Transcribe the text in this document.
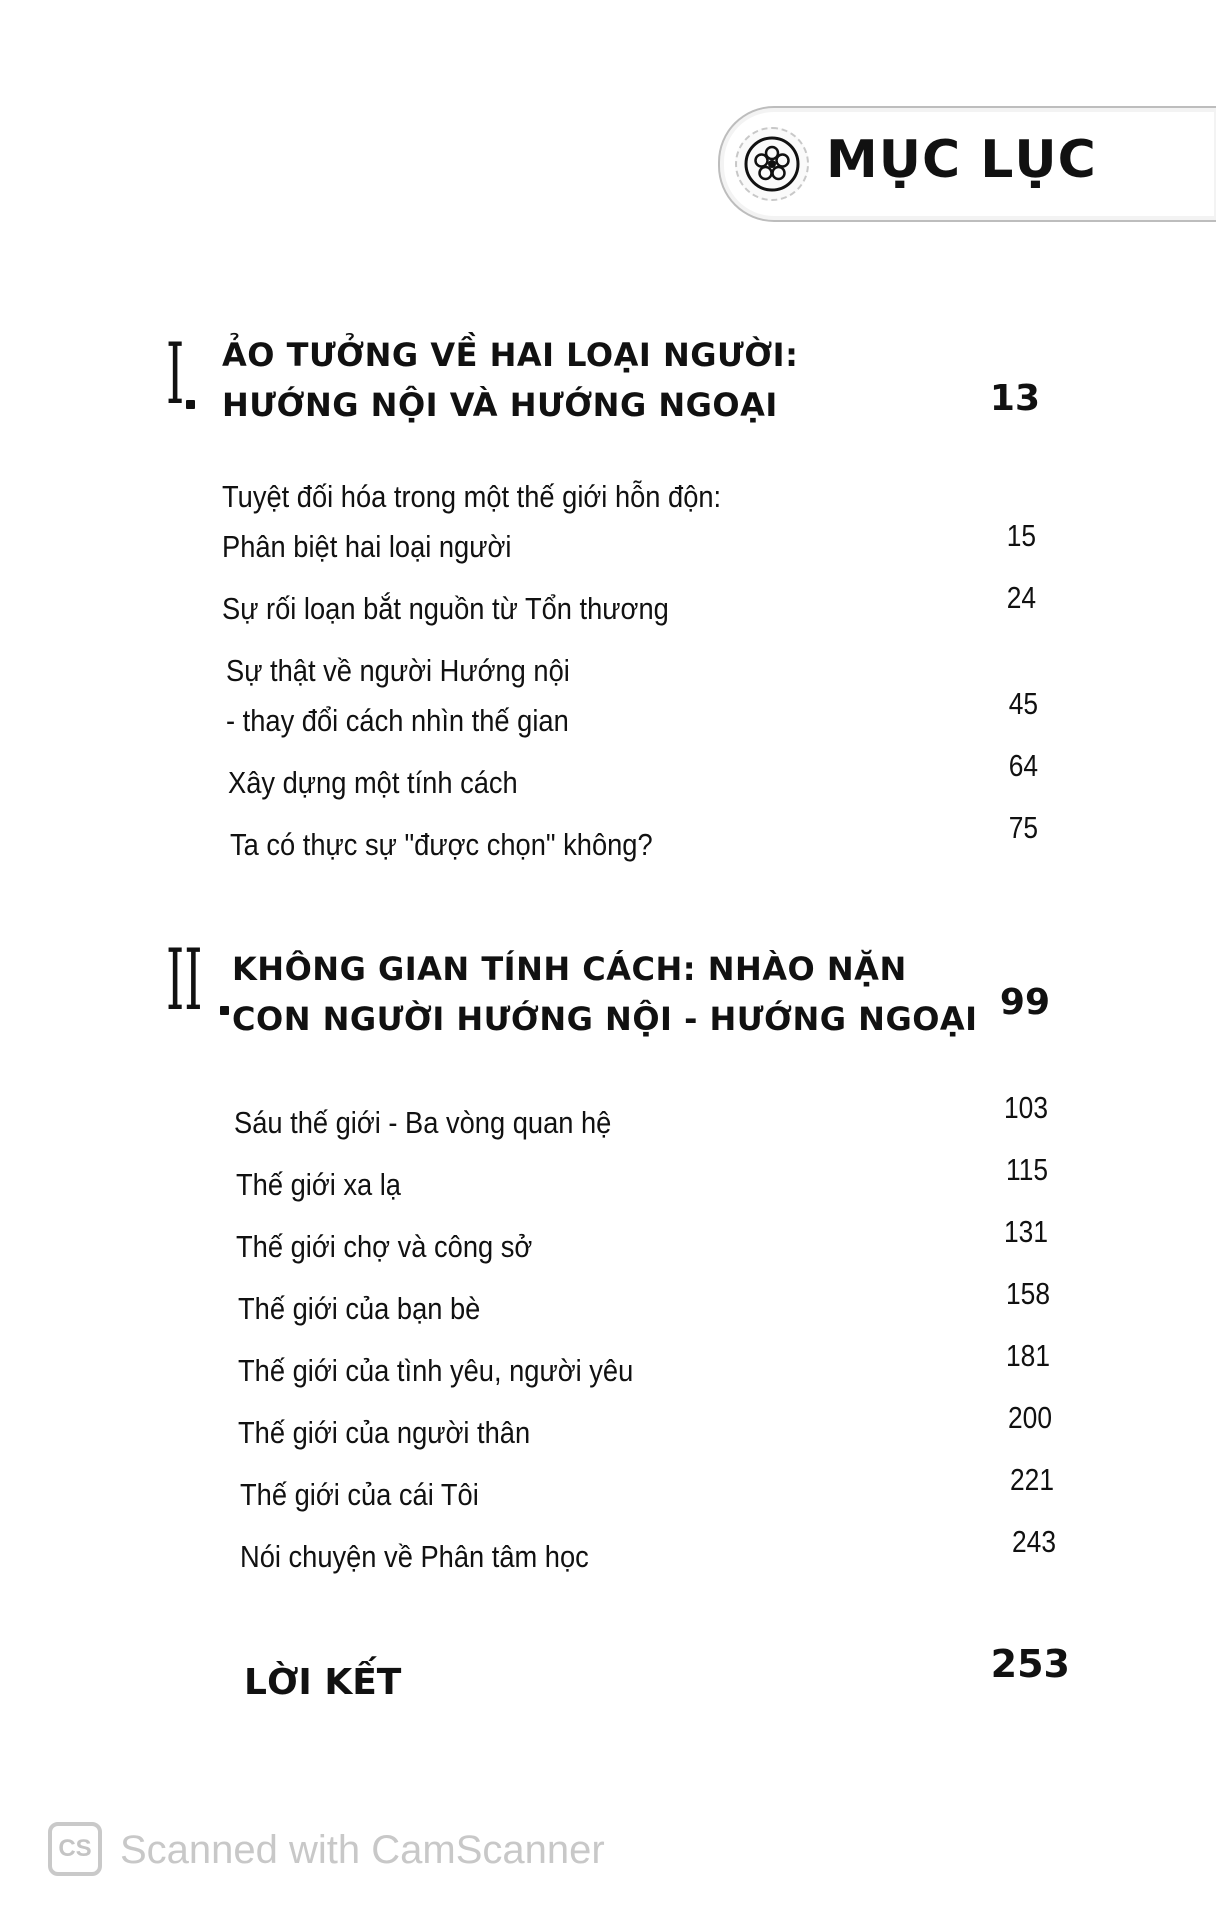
MỤC LỤC
I ẢO TƯỞNG VỀ HAI LOẠI NGƯỜI:
HƯỚNG NỘI VÀ HƯỚNG NGOẠI	13
Tuyệt đối hóa trong một thế giới hỗn độn:
Phân biệt hai loại người	15
Sự rối loạn bắt nguồn từ Tổn thương	24
Sự thật về người Hướng nội
- thay đổi cách nhìn thế gian	45
Xây dựng một tính cách	64
Ta có thực sự "được chọn" không?	75
II KHÔNG GIAN TÍNH CÁCH: NHÀO NẶN
CON NGƯỜI HƯỚNG NỘI - HƯỚNG NGOẠI 99
Sáu thế giới - Ba vòng quan hệ	103
Thế giới xa lạ	115
Thế giới chợ và công sở	131
Thế giới của bạn bè	158
Thế giới của tình yêu, người yêu	181
Thế giới của người thân	200
Thế giới của cái Tôi	221
Nói chuyện về Phân tâm học	243
LỜI KẾT	253
CS Scanned with CamScanner
